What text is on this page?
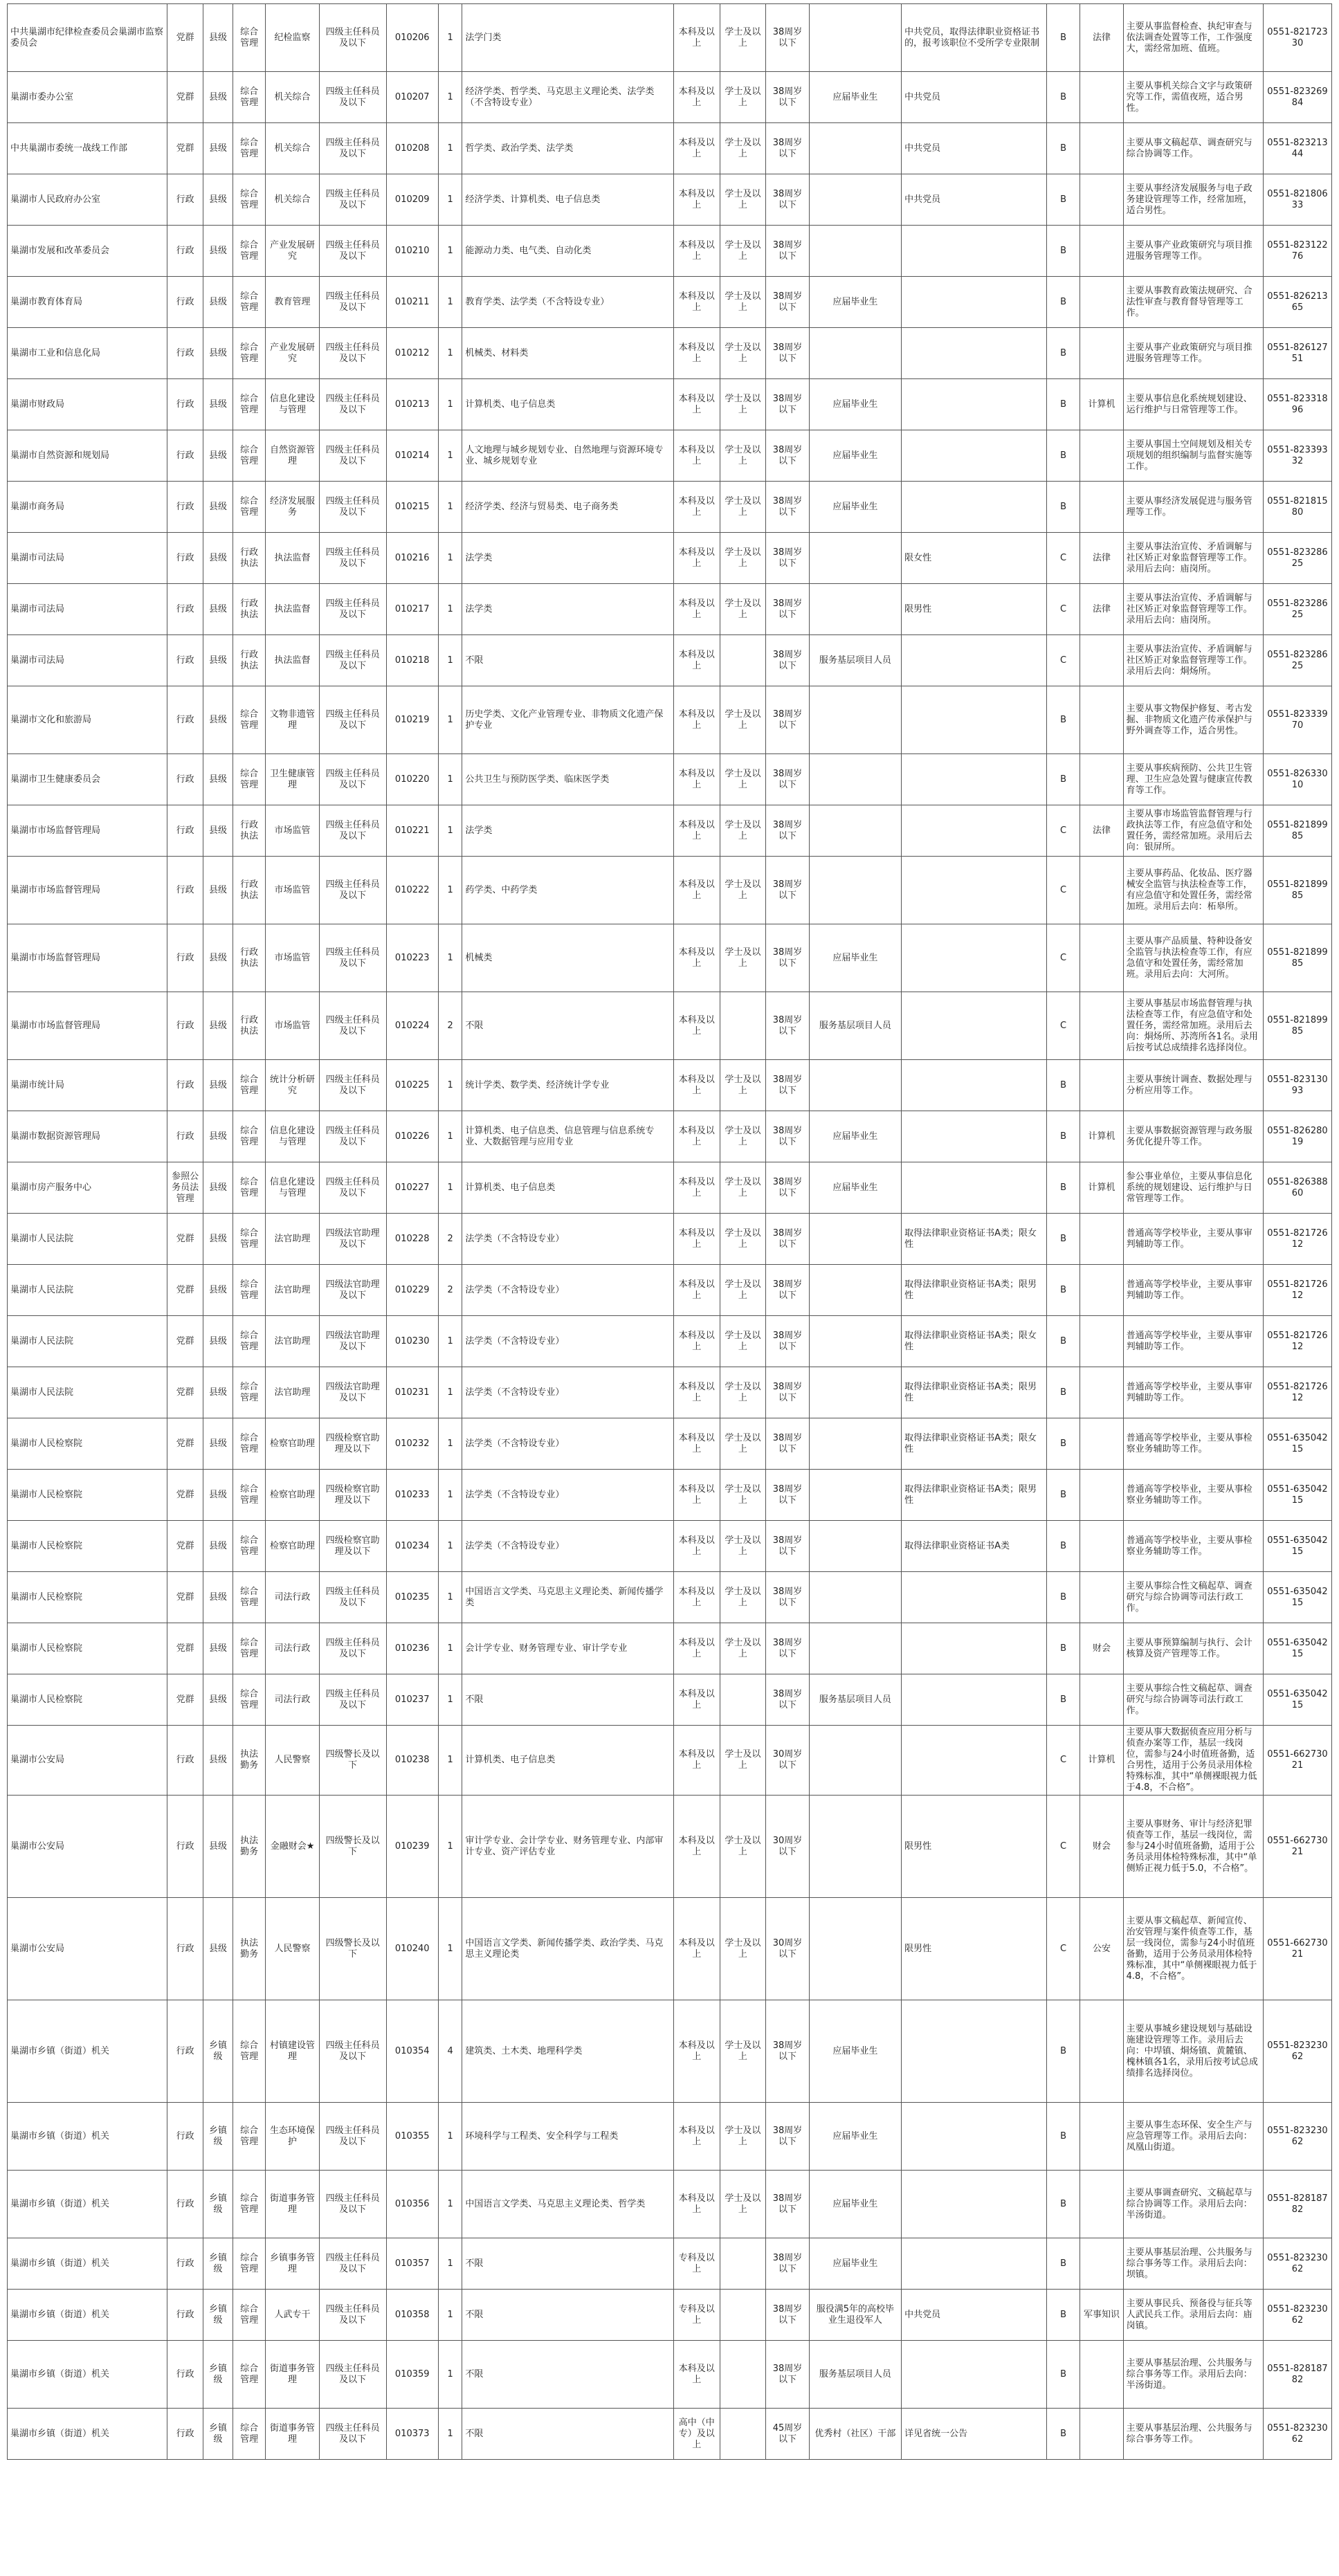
中共巢湖市纪律检查委员会巢湖市监察委员会	党群	县级	综合管理	纪检监察	四级主任科员及以下	010206	1	法学门类	本科及以上	学士及以上	38周岁以下		中共党员，取得法律职业资格证书的，报考该职位不受所学专业限制	B	法律	主要从事监督检查、执纪审查与依法调查处置等工作，工作强度大，需经常加班、值班。	0551-82172330
巢湖市委办公室	党群	县级	综合管理	机关综合	四级主任科员及以下	010207	1	经济学类、哲学类、马克思主义理论类、法学类（不含特设专业）	本科及以上	学士及以上	38周岁以下	应届毕业生	中共党员	B		主要从事机关综合文字与政策研究等工作，需值夜班，适合男性。	0551-82326984
中共巢湖市委统一战线工作部	党群	县级	综合管理	机关综合	四级主任科员及以下	010208	1	哲学类、政治学类、法学类	本科及以上	学士及以上	38周岁以下		中共党员	B		主要从事文稿起草、调查研究与综合协调等工作。	0551-82321344
巢湖市人民政府办公室	行政	县级	综合管理	机关综合	四级主任科员及以下	010209	1	经济学类、计算机类、电子信息类	本科及以上	学士及以上	38周岁以下		中共党员	B		主要从事经济发展服务与电子政务建设管理等工作，经常加班，适合男性。	0551-82180633
巢湖市发展和改革委员会	行政	县级	综合管理	产业发展研究	四级主任科员及以下	010210	1	能源动力类、电气类、自动化类	本科及以上	学士及以上	38周岁以下			B		主要从事产业政策研究与项目推进服务管理等工作。	0551-82312276
巢湖市教育体育局	行政	县级	综合管理	教育管理	四级主任科员及以下	010211	1	教育学类、法学类（不含特设专业）	本科及以上	学士及以上	38周岁以下	应届毕业生		B		主要从事教育政策法规研究、合法性审查与教育督导管理等工作。	0551-82621365
巢湖市工业和信息化局	行政	县级	综合管理	产业发展研究	四级主任科员及以下	010212	1	机械类、材料类	本科及以上	学士及以上	38周岁以下			B		主要从事产业政策研究与项目推进服务管理等工作。	0551-82612751
巢湖市财政局	行政	县级	综合管理	信息化建设与管理	四级主任科员及以下	010213	1	计算机类、电子信息类	本科及以上	学士及以上	38周岁以下	应届毕业生		B	计算机	主要从事信息化系统规划建设、运行维护与日常管理等工作。	0551-82331896
巢湖市自然资源和规划局	行政	县级	综合管理	自然资源管理	四级主任科员及以下	010214	1	人文地理与城乡规划专业、自然地理与资源环境专业、城乡规划专业	本科及以上	学士及以上	38周岁以下	应届毕业生		B		主要从事国土空间规划及相关专项规划的组织编制与监督实施等工作。	0551-82339332
巢湖市商务局	行政	县级	综合管理	经济发展服务	四级主任科员及以下	010215	1	经济学类、经济与贸易类、电子商务类	本科及以上	学士及以上	38周岁以下	应届毕业生		B		主要从事经济发展促进与服务管理等工作。	0551-82181580
巢湖市司法局	行政	县级	行政执法	执法监督	四级主任科员及以下	010216	1	法学类	本科及以上	学士及以上	38周岁以下		限女性	C	法律	主要从事法治宣传、矛盾调解与社区矫正对象监督管理等工作。录用后去向：庙岗所。	0551-82328625
巢湖市司法局	行政	县级	行政执法	执法监督	四级主任科员及以下	010217	1	法学类	本科及以上	学士及以上	38周岁以下		限男性	C	法律	主要从事法治宣传、矛盾调解与社区矫正对象监督管理等工作。录用后去向：庙岗所。	0551-82328625
巢湖市司法局	行政	县级	行政执法	执法监督	四级主任科员及以下	010218	1	不限	本科及以上		38周岁以下	服务基层项目人员		C		主要从事法治宣传、矛盾调解与社区矫正对象监督管理等工作。录用后去向：烔炀所。	0551-82328625
巢湖市文化和旅游局	行政	县级	综合管理	文物非遗管理	四级主任科员及以下	010219	1	历史学类、文化产业管理专业、非物质文化遗产保护专业	本科及以上	学士及以上	38周岁以下			B		主要从事文物保护修复、考古发掘、非物质文化遗产传承保护与野外调查等工作，适合男性。	0551-82333970
巢湖市卫生健康委员会	行政	县级	综合管理	卫生健康管理	四级主任科员及以下	010220	1	公共卫生与预防医学类、临床医学类	本科及以上	学士及以上	38周岁以下			B		主要从事疾病预防、公共卫生管理、卫生应急处置与健康宣传教育等工作。	0551-82633010
巢湖市市场监督管理局	行政	县级	行政执法	市场监管	四级主任科员及以下	010221	1	法学类	本科及以上	学士及以上	38周岁以下			C	法律	主要从事市场监管监督管理与行政执法等工作，有应急值守和处置任务，需经常加班。录用后去向：银屏所。	0551-82189985
巢湖市市场监督管理局	行政	县级	行政执法	市场监管	四级主任科员及以下	010222	1	药学类、中药学类	本科及以上	学士及以上	38周岁以下			C		主要从事药品、化妆品、医疗器械安全监管与执法检查等工作，有应急值守和处置任务，需经常加班。录用后去向：柘皋所。	0551-82189985
巢湖市市场监督管理局	行政	县级	行政执法	市场监管	四级主任科员及以下	010223	1	机械类	本科及以上	学士及以上	38周岁以下	应届毕业生		C		主要从事产品质量、特种设备安全监管与执法检查等工作，有应急值守和处置任务，需经常加班。录用后去向：大河所。	0551-82189985
巢湖市市场监督管理局	行政	县级	行政执法	市场监管	四级主任科员及以下	010224	2	不限	本科及以上		38周岁以下	服务基层项目人员		C		主要从事基层市场监督管理与执法检查等工作，有应急值守和处置任务，需经常加班。录用后去向：烔炀所、苏湾所各1名。录用后按考试总成绩排名选择岗位。	0551-82189985
巢湖市统计局	行政	县级	综合管理	统计分析研究	四级主任科员及以下	010225	1	统计学类、数学类、经济统计学专业	本科及以上	学士及以上	38周岁以下			B		主要从事统计调查、数据处理与分析应用等工作。	0551-82313093
巢湖市数据资源管理局	行政	县级	综合管理	信息化建设与管理	四级主任科员及以下	010226	1	计算机类、电子信息类、信息管理与信息系统专业、大数据管理与应用专业	本科及以上	学士及以上	38周岁以下	应届毕业生		B	计算机	主要从事数据资源管理与政务服务优化提升等工作。	0551-82628019
巢湖市房产服务中心	参照公务员法管理	县级	综合管理	信息化建设与管理	四级主任科员及以下	010227	1	计算机类、电子信息类	本科及以上	学士及以上	38周岁以下	应届毕业生		B	计算机	参公事业单位，主要从事信息化系统的规划建设、运行维护与日常管理等工作。	0551-82638860
巢湖市人民法院	党群	县级	综合管理	法官助理	四级法官助理及以下	010228	2	法学类（不含特设专业）	本科及以上	学士及以上	38周岁以下		取得法律职业资格证书A类；限女性	B		普通高等学校毕业，主要从事审判辅助等工作。	0551-82172612
巢湖市人民法院	党群	县级	综合管理	法官助理	四级法官助理及以下	010229	2	法学类（不含特设专业）	本科及以上	学士及以上	38周岁以下		取得法律职业资格证书A类；限男性	B		普通高等学校毕业，主要从事审判辅助等工作。	0551-82172612
巢湖市人民法院	党群	县级	综合管理	法官助理	四级法官助理及以下	010230	1	法学类（不含特设专业）	本科及以上	学士及以上	38周岁以下		取得法律职业资格证书A类；限女性	B		普通高等学校毕业，主要从事审判辅助等工作。	0551-82172612
巢湖市人民法院	党群	县级	综合管理	法官助理	四级法官助理及以下	010231	1	法学类（不含特设专业）	本科及以上	学士及以上	38周岁以下		取得法律职业资格证书A类；限男性	B		普通高等学校毕业，主要从事审判辅助等工作。	0551-82172612
巢湖市人民检察院	党群	县级	综合管理	检察官助理	四级检察官助理及以下	010232	1	法学类（不含特设专业）	本科及以上	学士及以上	38周岁以下		取得法律职业资格证书A类；限女性	B		普通高等学校毕业，主要从事检察业务辅助等工作。	0551-63504215
巢湖市人民检察院	党群	县级	综合管理	检察官助理	四级检察官助理及以下	010233	1	法学类（不含特设专业）	本科及以上	学士及以上	38周岁以下		取得法律职业资格证书A类；限男性	B		普通高等学校毕业，主要从事检察业务辅助等工作。	0551-63504215
巢湖市人民检察院	党群	县级	综合管理	检察官助理	四级检察官助理及以下	010234	1	法学类（不含特设专业）	本科及以上	学士及以上	38周岁以下		取得法律职业资格证书A类	B		普通高等学校毕业，主要从事检察业务辅助等工作。	0551-63504215
巢湖市人民检察院	党群	县级	综合管理	司法行政	四级主任科员及以下	010235	1	中国语言文学类、马克思主义理论类、新闻传播学类	本科及以上	学士及以上	38周岁以下			B		主要从事综合性文稿起草、调查研究与综合协调等司法行政工作。	0551-63504215
巢湖市人民检察院	党群	县级	综合管理	司法行政	四级主任科员及以下	010236	1	会计学专业、财务管理专业、审计学专业	本科及以上	学士及以上	38周岁以下			B	财会	主要从事预算编制与执行、会计核算及资产管理等工作。	0551-63504215
巢湖市人民检察院	党群	县级	综合管理	司法行政	四级主任科员及以下	010237	1	不限	本科及以上		38周岁以下	服务基层项目人员		B		主要从事综合性文稿起草、调查研究与综合协调等司法行政工作。	0551-63504215
巢湖市公安局	行政	县级	执法勤务	人民警察	四级警长及以下	010238	1	计算机类、电子信息类	本科及以上	学士及以上	30周岁以下			C	计算机	主要从事大数据侦查应用分析与侦查办案等工作，基层一线岗位，需参与24小时值班备勤，适合男性，适用于公务员录用体检特殊标准，其中“单侧裸眼视力低于4.8，不合格”。	0551-66273021
巢湖市公安局	行政	县级	执法勤务	金融财会★	四级警长及以下	010239	1	审计学专业、会计学专业、财务管理专业、内部审计专业、资产评估专业	本科及以上	学士及以上	30周岁以下		限男性	C	财会	主要从事财务、审计与经济犯罪侦查等工作，基层一线岗位，需参与24小时值班备勤，适用于公务员录用体检特殊标准，其中“单侧矫正视力低于5.0，不合格”。	0551-66273021
巢湖市公安局	行政	县级	执法勤务	人民警察	四级警长及以下	010240	1	中国语言文学类、新闻传播学类、政治学类、马克思主义理论类	本科及以上	学士及以上	30周岁以下		限男性	C	公安	主要从事文稿起草、新闻宣传、治安管理与案件侦查等工作，基层一线岗位，需参与24小时值班备勤，适用于公务员录用体检特殊标准，其中“单侧裸眼视力低于4.8，不合格”。	0551-66273021
巢湖市乡镇（街道）机关	行政	乡镇级	综合管理	村镇建设管理	四级主任科员及以下	010354	4	建筑类、土木类、地理科学类	本科及以上	学士及以上	38周岁以下	应届毕业生		B		主要从事城乡建设规划与基础设施建设管理等工作。录用后去向：中垾镇、烔炀镇、黄麓镇、槐林镇各1名，录用后按考试总成绩排名选择岗位。	0551-82323062
巢湖市乡镇（街道）机关	行政	乡镇级	综合管理	生态环境保护	四级主任科员及以下	010355	1	环境科学与工程类、安全科学与工程类	本科及以上	学士及以上	38周岁以下	应届毕业生		B		主要从事生态环保、安全生产与应急管理等工作。录用后去向：凤凰山街道。	0551-82323062
巢湖市乡镇（街道）机关	行政	乡镇级	综合管理	街道事务管理	四级主任科员及以下	010356	1	中国语言文学类、马克思主义理论类、哲学类	本科及以上	学士及以上	38周岁以下	应届毕业生		B		主要从事调查研究、文稿起草与综合协调等工作。录用后去向：半汤街道。	0551-82818782
巢湖市乡镇（街道）机关	行政	乡镇级	综合管理	乡镇事务管理	四级主任科员及以下	010357	1	不限	专科及以上		38周岁以下	应届毕业生		B		主要从事基层治理、公共服务与综合事务等工作。录用后去向：坝镇。	0551-82323062
巢湖市乡镇（街道）机关	行政	乡镇级	综合管理	人武专干	四级主任科员及以下	010358	1	不限	专科及以上		38周岁以下	服役满5年的高校毕业生退役军人	中共党员	B	军事知识	主要从事民兵、预备役与征兵等人武民兵工作。录用后去向：庙岗镇。	0551-82323062
巢湖市乡镇（街道）机关	行政	乡镇级	综合管理	街道事务管理	四级主任科员及以下	010359	1	不限	本科及以上		38周岁以下	服务基层项目人员		B		主要从事基层治理、公共服务与综合事务等工作。录用后去向：半汤街道。	0551-82818782
巢湖市乡镇（街道）机关	行政	乡镇级	综合管理	街道事务管理	四级主任科员及以下	010373	1	不限	高中（中专）及以上		45周岁以下	优秀村（社区）干部	详见省统一公告	B		主要从事基层治理、公共服务与综合事务等工作。	0551-82323062
